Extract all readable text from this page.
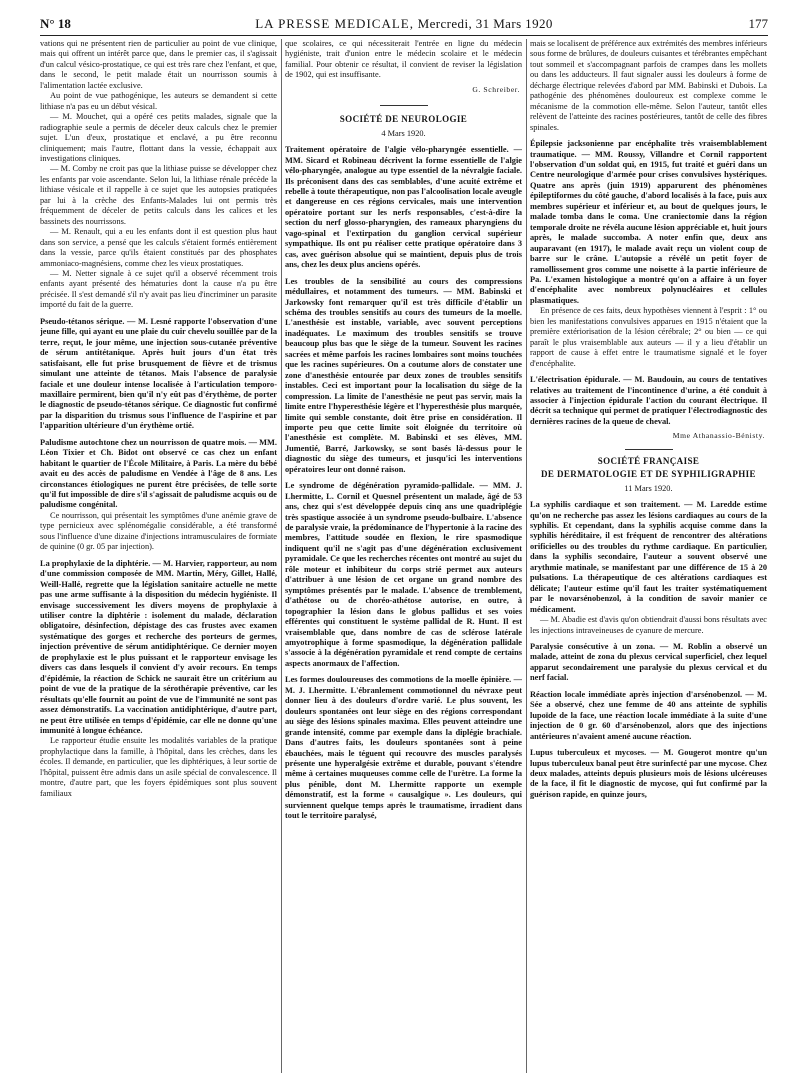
N° 18	LA PRESSE MEDICALE, Mercredi, 31 Mars 1920	177

vations qui ne présentent rien de particulier au point de vue clinique, mais qui offrent un intérêt parce que, dans le premier cas, il s'agissait d'un calcul vésico-prostatique, ce qui est très rare chez l'enfant, et que, dans le second, le petit malade était un nourrisson soumis à l'alimentation lactée exclusive.

Au point de vue pathogénique, les auteurs se demandent si cette lithiase n'a pas eu un début vésical.

— M. Mouchet, qui a opéré ces petits malades, signale que la radiographie seule a permis de déceler deux calculs chez le premier sujet. L'un d'eux, prostatique et enclavé, a pu être reconnu cliniquement; mais l'autre, flottant dans la vessie, échappait aux investigations cliniques.

— M. Comby ne croit pas que la lithiase puisse se développer chez les enfants par voie ascendante. Selon lui, la lithiase rénale précède la lithiase vésicale et il rappelle à ce sujet que les autopsies pratiquées par lui à la crèche des Enfants-Malades lui ont permis très fréquemment de déceler de petits calculs dans les calices et les bassinets des nourrissons.

— M. Renault, qui a eu les enfants dont il est question plus haut dans son service, a pensé que les calculs s'étaient formés entièrement dans la vessie, parce qu'ils étaient constitués par des phosphates ammoniaco-magnésiens, comme chez les vieux prostatiques.

— M. Netter signale à ce sujet qu'il a observé récemment trois enfants ayant présenté des hématuries dont la cause n'a pu être précisée. Il s'est demandé s'il n'y avait pas lieu d'incriminer un parasite importé du fait de la guerre.

Pseudo-tétanos sérique. — M. Lesné rapporte l'observation d'une jeune fille, qui ayant eu une plaie du cuir chevelu souillée par de la terre, reçut, le jour même, une injection sous-cutanée préventive de sérum antitétanique. Après huit jours d'un état très satisfaisant, elle fut prise brusquement de fièvre et de trismus simulant une atteinte de tétanos. Mais l'absence de paralysie faciale et une douleur intense localisée à l'articulation temporo-maxillaire permirent, bien qu'il n'y eût pas d'érythème, de porter le diagnostic de pseudo-tétanos sérique. Ce diagnostic fut confirmé par la disparition du trismus sous l'influence de l'aspirine et par l'apparition ultérieure d'un érythème ortié.

Paludisme autochtone chez un nourrisson de quatre mois. — MM. Léon Tixier et Ch. Bidot ont observé ce cas chez un enfant habitant le quartier de l'École Militaire, à Paris. La mère du bébé avait eu des accès de paludisme en Vendée à l'âge de 8 ans. Les circonstances étiologiques ne purent être précisées, de telle sorte qu'il fut impossible de dire s'il s'agissait de paludisme acquis ou de paludisme congénital.

Ce nourrisson, qui présentait les symptômes d'une anémie grave de type pernicieux avec splénomégalie considérable, a été transformé sous l'influence d'une dizaine d'injections intramusculaires de formiate de quinine (0 gr. 05 par injection).

La prophylaxie de la diphtérie. — M. Harvier, rapporteur, au nom d'une commission composée de MM. Martin, Méry, Gillet, Hallé, Weill-Hallé, regrette que la législation sanitaire actuelle ne mette pas une arme suffisante à la disposition du médecin hygiéniste. Il envisage successivement les divers moyens de prophylaxie à utiliser contre la diphtérie : isolement du malade, déclaration obligatoire, désinfection, dépistage des cas frustes avec examen systématique des gorges et recherche des porteurs de germes, injection préventive de sérum antidiphtérique. Ce dernier moyen de prophylaxie est le plus puissant et le rapporteur envisage les divers cas dans lesquels il convient d'y avoir recours. En temps d'épidémie, la réaction de Schick ne saurait être un critérium au point de vue de la pratique de la sérothérapie préventive, car les résultats qu'elle fournit au point de vue de l'immunité ne sont pas assez démonstratifs. La vaccination antidiphtérique, d'autre part, ne peut être utilisée en temps d'épidémie, car elle ne donne qu'une immunité à longue échéance.

Le rapporteur étudie ensuite les modalités variables de la pratique prophylactique dans la famille, à l'hôpital, dans les crèches, dans les écoles. Il demande, en particulier, que les diphtériques, à leur sortie de l'hôpital, puissent être admis dans un asile spécial de convalescence. Il montre, d'autre part, que les foyers épidémiques sont plus souvent familiaux

que scolaires, ce qui nécessiterait l'entrée en ligne du médecin hygiéniste, trait d'union entre le médecin scolaire et le médecin familial. Pour obtenir ce résultat, il convient de reviser la législation de 1902, qui est insuffisante.

G. Schreiber.

SOCIÉTÉ DE NEUROLOGIE

4 Mars 1920.

Traitement opératoire de l'algie vélo-pharyngée essentielle. — MM. Sicard et Robineau décrivent la forme essentielle de l'algie vélo-pharyngée, analogue au type essentiel de la névralgie faciale. Ils préconisent dans des cas semblables, d'une acuité extrême et rebelle à toute thérapeutique, non pas l'alcoolisation locale aveugle et dangereuse en ces régions cervicales, mais une intervention opératoire portant sur les nerfs responsables, c'est-à-dire la section du nerf glosso-pharyngien, des rameaux pharyngiens du vago-spinal et l'extirpation du ganglion cervical supérieur sympathique. Ils ont pu réaliser cette pratique opératoire dans 3 cas, avec guérison absolue qui se maintient, depuis plus de trois ans, chez les deux plus anciens opérés.

Les troubles de la sensibilité au cours des compressions médullaires, et notamment des tumeurs. — MM. Babinski et Jarkowsky font remarquer qu'il est très difficile d'établir un schéma des troubles sensitifs au cours des tumeurs de la moelle. L'anesthésie est instable, variable, avec souvent perceptions inadéquates. Le maximum des troubles sensitifs se trouve beaucoup plus bas que le siège de la tumeur. Souvent les racines sacrées et même parfois les racines lombaires sont moins touchées que les racines supérieures. On a coutume alors de constater une zone d'anesthésie entourée par deux zones de troubles sensitifs instables. Ceci est important pour la localisation du siège de la compression. La limite de l'anesthésie ne peut pas servir, mais la limite entre l'hyperesthésie légère et l'hyperesthésie plus marquée, limite qui semble constante, doit être prise en considération. Il importe peu que cette limite soit éloignée du territoire où l'anesthésie est complète. M. Babinski et ses élèves, MM. Jumentié, Barré, Jarkowsky, se sont basés là-dessus pour le diagnostic du siège des tumeurs, et jusqu'ici les interventions opératoires leur ont donné raison.

Le syndrome de dégénération pyramido-pallidale. — MM. J. Lhermitte, L. Cornil et Quesnel présentent un malade, âgé de 53 ans, chez qui s'est développée depuis cinq ans une quadriplégie très spastique associée à un syndrome pseudo-bulbaire. L'absence de paralysie vraie, la prédominance de l'hypertonie à la racine des membres, l'attitude soudée en flexion, le rire spasmodique indiquent qu'il ne s'agit pas d'une dégénération exclusivement pyramidale. Ce que les recherches récentes ont montré au sujet du rôle moteur et inhibiteur du corps strié permet aux auteurs d'attribuer à une lésion de cet organe un grand nombre des symptômes présentés par le malade. L'absence de tremblement, d'athétose ou de choréo-athétose autorise, en outre, à topographier la lésion dans le globus pallidus et ses voies efférentes qui constituent le système pallidal de R. Hunt. Il est vraisemblable que, dans nombre de cas de sclérose latérale amyotrophique à forme spasmodique, la dégénération pallidale s'associe à la dégénération pyramidale et rend compte de certains aspects anormaux de l'affection.

Les formes douloureuses des commotions de la moelle épinière. — M. J. Lhermitte. L'ébranlement commotionnel du névraxe peut donner lieu à des douleurs d'ordre varié. Le plus souvent, les douleurs spontanées ont leur siège en des régions correspondant au siège des lésions spinales maxima. Elles peuvent atteindre une grande intensité, comme par exemple dans la diplégie brachiale. Dans d'autres faits, les douleurs spontanées sont à peine ébauchées, mais le téguent qui recouvre des muscles paralysés présente une hyperalgésie extrême et durable, pouvant s'étendre même à certaines muqueuses comme celle de l'urètre. La forme la plus pénible, dont M. Lhermitte rapporte un exemple démonstratif, est la forme « causalgique ». Les douleurs, qui surviennent quelque temps après le traumatisme, irradient dans tout le territoire paralysé,

mais se localisent de préférence aux extrémités des membres inférieurs sous forme de brûlures, de douleurs cuisantes et térébrantes empêchant tout sommeil et s'accompagnant parfois de crampes dans les mollets ou dans les adducteurs. Il faut signaler aussi les douleurs à forme de décharge électrique relevées d'abord par MM. Babinski et Dubois. La pathogénie des phénomènes douloureux est complexe comme le mécanisme de la commotion elle-même. Selon l'auteur, tantôt elles relèvent de l'atteinte des racines postérieures, tantôt de celle des fibres spinales.

Épilepsie jacksonienne par encéphalite très vraisemblablement traumatique. — MM. Roussy, Villandre et Cornil rapportent l'observation d'un soldat qui, en 1915, fut traité et guéri dans un Centre neurologique d'armée pour crises convulsives hystériques. Quatre ans après (juin 1919) apparurent des phénomènes épileptiformes du côté gauche, d'abord localisés à la face, puis aux membres supérieur et inférieur et, au bout de quelques jours, le malade tomba dans le coma. Une craniectomie dans la région temporale droite ne révéla aucune lésion appréciable et, huit jours après, le malade succomba. A noter enfin que, deux ans auparavant (en 1917), le malade avait reçu un violent coup de barre sur le crâne. L'autopsie a révélé un petit foyer de ramollissement gros comme une noisette à la partie inférieure de Pa. L'examen histologique a montré qu'on a affaire à un foyer d'encéphalite avec nombreux polynucléaires et cellules plasmatiques.

En présence de ces faits, deux hypothèses viennent à l'esprit : 1° ou bien les manifestations convulsives apparues en 1915 n'étaient que la première extériorisation de la lésion cérébrale; 2° ou bien — ce qui paraît le plus vraisemblable aux auteurs — il y a lieu d'établir un rapport de cause à effet entre le traumatisme signalé et le foyer d'encéphalite.

L'électrisation épidurale. — M. Baudouin, au cours de tentatives relatives au traitement de l'incontinence d'urine, a été conduit à associer à l'injection épidurale l'action du courant électrique. Il décrit sa technique qui permet de pratiquer l'électrodiagnostic des dernières racines de la queue de cheval.

Mme Athanassio-Bénisty.

SOCIÉTÉ FRANÇAISE

DE DERMATOLOGIE ET DE SYPHILIGRAPHIE

11 Mars 1920.

La syphilis cardiaque et son traitement. — M. Laredde estime qu'on ne recherche pas assez les lésions cardiaques au cours de la syphilis. Et cependant, dans la syphilis acquise comme dans la syphilis héréditaire, il est fréquent de rencontrer des altérations orificielles ou des troubles du rythme cardiaque. En particulier, dans la syphilis secondaire, l'auteur a souvent observé une arythmie matinale, se manifestant par une différence de 15 à 20 pulsations. La thérapeutique de ces altérations cardiaques est délicate; l'auteur estime qu'il faut les traiter systématiquement par le novarsénobenzol, à la condition de savoir manier ce médicament.

— M. Abadie est d'avis qu'on obtiendrait d'aussi bons résultats avec les injections intraveineuses de cyanure de mercure.

Paralysie consécutive à un zona. — M. Roblin a observé un malade, atteint de zona du plexus cervical superficiel, chez lequel apparut secondairement une paralysie du plexus cervical et du nerf facial.

Réaction locale immédiate après injection d'arsénobenzol. — M. Sée a observé, chez une femme de 40 ans atteinte de syphilis lupoïde de la face, une réaction locale immédiate à la suite d'une injection de 0 gr. 60 d'arsénobenzol, alors que des injections antérieures n'avaient amené aucune réaction.

Lupus tuberculeux et mycoses. — M. Gougerot montre qu'un lupus tuberculeux banal peut être surinfecté par une mycose. Chez deux malades, atteints depuis plusieurs mois de lésions ulcéreuses de la face, il fit le diagnostic de mycose, qui fut confirmé par la guérison rapide, en quinze jours,
